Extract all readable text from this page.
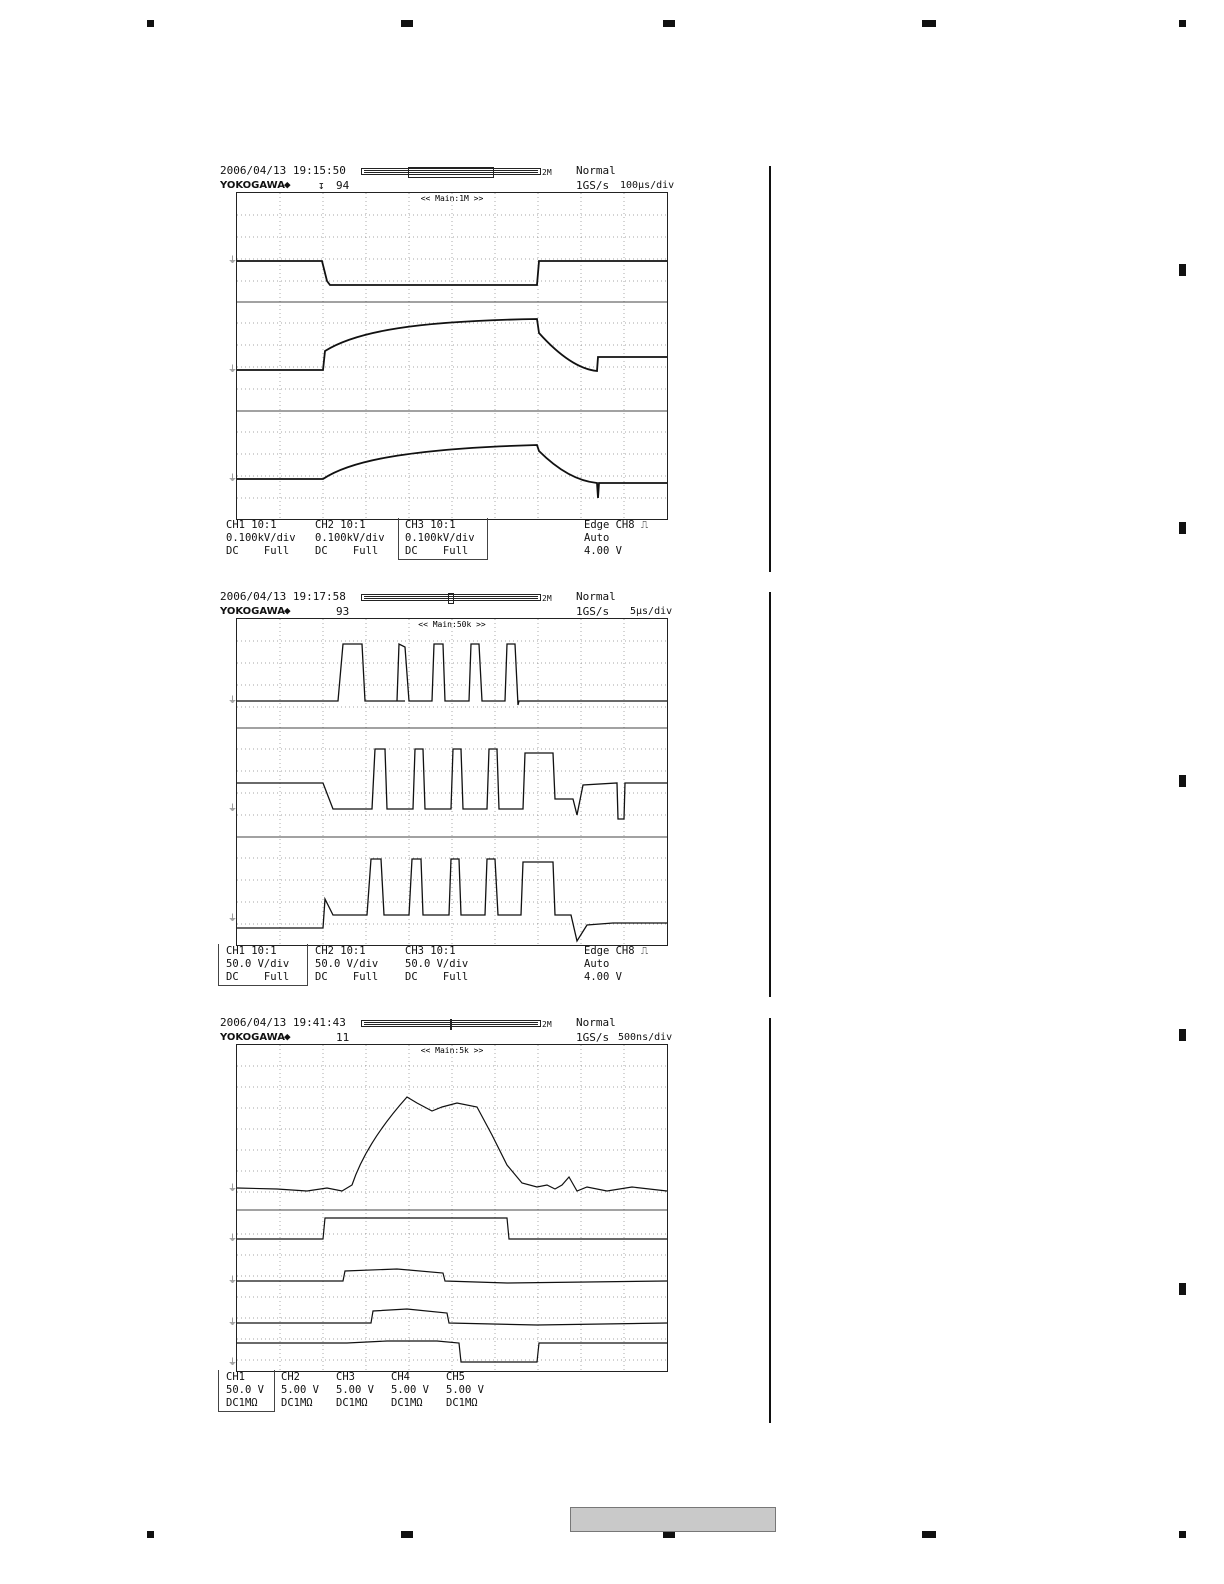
2006/04/13 19:15:50
YOKOGAWA
◆ ↧ 94
2M Normal
1GS/s 100µs/div
<< Main:1M >>
⏚
⏚
⏚
CH1 10:1
0.100kV/div
DC    Full
CH2 10:1
0.100kV/div
DC    Full
CH3 10:1
0.100kV/div
DC    Full
Edge CH8 ⎍
Auto
4.00 V
2006/04/13 19:17:58
YOKOGAWA
◆	93
2M Normal
1GS/s 5µs/div
<< Main:50k >>
⏚
⏚
⏚
CH1 10:1
50.0 V/div
DC    Full
CH2 10:1
50.0 V/div
DC    Full
CH3 10:1
50.0 V/div
DC    Full
Edge CH8 ⎍
Auto
4.00 V
2006/04/13 19:41:43
YOKOGAWA
◆	11
2M Normal
1GS/s 500ns/div
<< Main:5k >>
⏚
⏚
⏚
⏚
⏚
CH1
50.0 V
DC1MΩ
CH2
5.00 V
DC1MΩ
CH3
5.00 V
DC1MΩ
CH4
5.00 V
DC1MΩ
CH5
5.00 V
DC1MΩ
